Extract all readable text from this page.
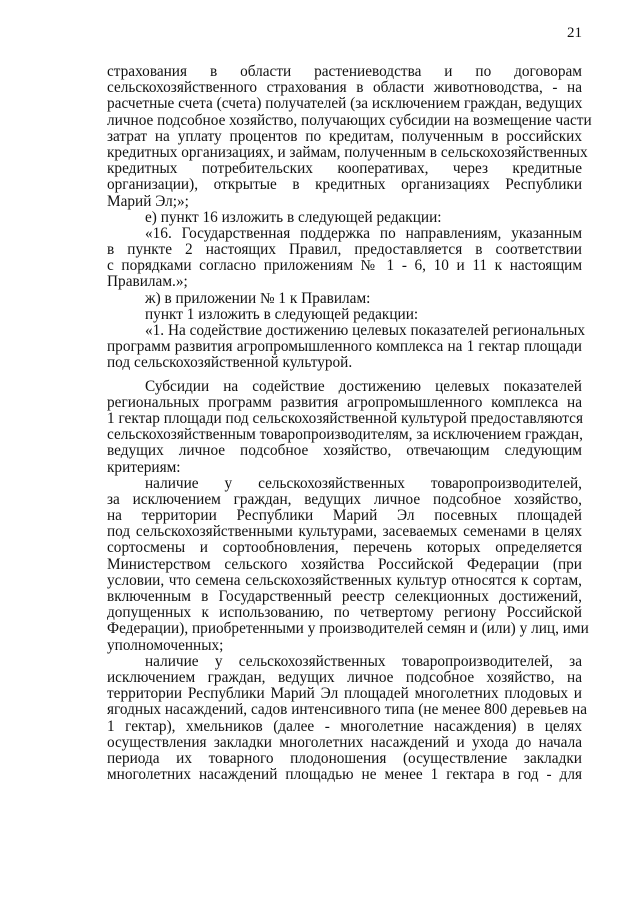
21
страхования в области растениеводства и по договорам
сельскохозяйственного страхования в области животноводства, - на
расчетные счета (счета) получателей (за исключением граждан, ведущих
личное подсобное хозяйство, получающих субсидии на возмещение части
затрат на уплату процентов по кредитам, полученным в российских
кредитных организациях, и займам, полученным в сельскохозяйственных
кредитных потребительских кооперативах, через кредитные
организации), открытые в кредитных организациях Республики
Марий Эл;»;
е) пункт 16 изложить в следующей редакции:
«16. Государственная поддержка по направлениям, указанным
в пункте 2 настоящих Правил, предоставляется в соответствии
с порядками согласно приложениям № 1 - 6, 10 и 11 к настоящим
Правилам.»;
ж) в приложении № 1 к Правилам:
пункт 1 изложить в следующей редакции:
«1. На содействие достижению целевых показателей региональных
программ развития агропромышленного комплекса на 1 гектар площади
под сельскохозяйственной культурой.
Субсидии на содействие достижению целевых показателей
региональных программ развития агропромышленного комплекса на
1 гектар площади под сельскохозяйственной культурой предоставляются
сельскохозяйственным товаропроизводителям, за исключением граждан,
ведущих личное подсобное хозяйство, отвечающим следующим
критериям:
наличие у сельскохозяйственных товаропроизводителей,
за исключением граждан, ведущих личное подсобное хозяйство,
на территории Республики Марий Эл посевных площадей
под сельскохозяйственными культурами, засеваемых семенами в целях
сортосмены и сортообновления, перечень которых определяется
Министерством сельского хозяйства Российской Федерации (при
условии, что семена сельскохозяйственных культур относятся к сортам,
включенным в Государственный реестр селекционных достижений,
допущенных к использованию, по четвертому региону Российской
Федерации), приобретенными у производителей семян и (или) у лиц, ими
уполномоченных;
наличие у сельскохозяйственных товаропроизводителей, за
исключением граждан, ведущих личное подсобное хозяйство, на
территории Республики Марий Эл площадей многолетних плодовых и
ягодных насаждений, садов интенсивного типа (не менее 800 деревьев на
1 гектар), хмельников (далее - многолетние насаждения) в целях
осуществления закладки многолетних насаждений и ухода до начала
периода их товарного плодоношения (осуществление закладки
многолетних насаждений площадью не менее 1 гектара в год - для
